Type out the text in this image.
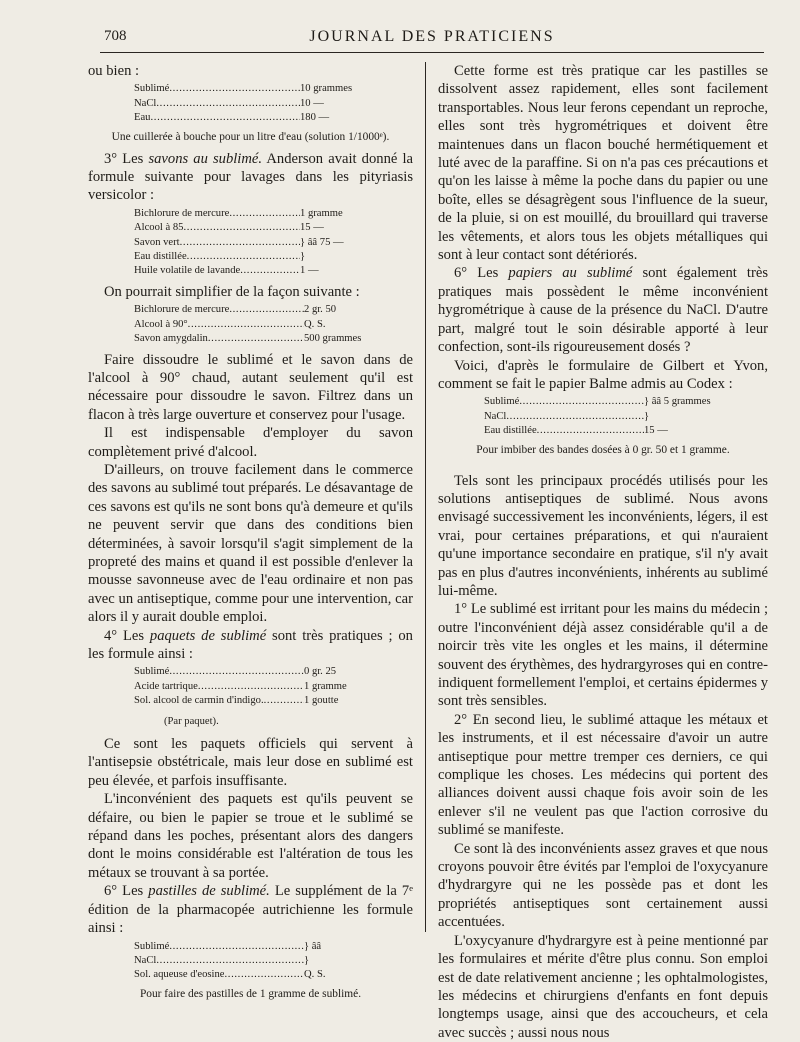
708	JOURNAL DES PRATICIENS

ou bien :

Sublimé . . .	10 grammes
NaCl . . .	10 —
Eau . . .	180 —
Une cuillerée à bouche pour un litre d'eau (solution 1/1000ᵉ).

3° Les savons au sublimé. Anderson avait donné la formule suivante pour lavages dans les pityriasis versicolor :

Bichlorure de mercure . . .	1 gramme
Alcool à 85 . . .	15 —
Savon vert . . .	} ââ 75 —
Eau distillée . . .	}
Huile volatile de lavande . . .	1 —

On pourrait simplifier de la façon suivante :

Bichlorure de mercure . . .	2 gr. 50
Alcool à 90° . . .	Q. S.
Savon amygdalin . . .	500 grammes

Faire dissoudre le sublimé et le savon dans de l'alcool à 90° chaud, autant seulement qu'il est nécessaire pour dissoudre le savon. Filtrez dans un flacon à très large ouverture et conservez pour l'usage.

Il est indispensable d'employer du savon complètement privé d'alcool.

D'ailleurs, on trouve facilement dans le commerce des savons au sublimé tout préparés. Le désavantage de ces savons est qu'ils ne sont bons qu'à demeure et qu'ils ne peuvent servir que dans des conditions bien déterminées, à savoir lorsqu'il s'agit simplement de la propreté des mains et quand il est possible d'enlever la mousse savonneuse avec de l'eau ordinaire et non pas avec un antiseptique, comme pour une intervention, car alors il y aurait double emploi.

4° Les paquets de sublimé sont très pratiques ; on les formule ainsi :

Sublimé . . .	0 gr. 25
Acide tartrique . . .	1 gramme
Sol. alcool de carmin d'indigo. . . .	1 goutte
(Par paquet).

Ce sont les paquets officiels qui servent à l'antisepsie obstétricale, mais leur dose en sublimé est peu élevée, et parfois insuffisante.

L'inconvénient des paquets est qu'ils peuvent se défaire, ou bien le papier se troue et le sublimé se répand dans les poches, présentant alors des dangers dont le moins considérable est l'altération de tous les métaux se trouvant à sa portée.

6° Les pastilles de sublimé. Le supplément de la 7ᵉ édition de la pharmacopée autrichienne les formule ainsi :

Sublimé . . .	} ââ
NaCl . . .	}
Sol. aqueuse d'eosine . . .	Q. S.
Pour faire des pastilles de 1 gramme de sublimé.

Cette forme est très pratique car les pastilles se dissolvent assez rapidement, elles sont facilement transportables. Nous leur ferons cependant un reproche, elles sont très hygrométriques et doivent être maintenues dans un flacon bouché hermétiquement et luté avec de la paraffine. Si on n'a pas ces précautions et qu'on les laisse à même la poche dans du papier ou une boîte, elles se désagrègent sous l'influence de la sueur, de la pluie, si on est mouillé, du brouillard qui traverse les vêtements, et alors tous les objets métalliques qui sont à leur contact sont détériorés.

6° Les papiers au sublimé sont également très pratiques mais possèdent le même inconvénient hygrométrique à cause de la présence du NaCl. D'autre part, malgré tout le soin désirable apporté à leur confection, sont-ils rigoureusement dosés ?

Voici, d'après le formulaire de Gilbert et Yvon, comment se fait le papier Balme admis au Codex :

Sublimé . . .	} ââ 5 grammes
NaCl . . .	}
Eau distillée . . .	15 —
Pour imbiber des bandes dosées à 0 gr. 50 et 1 gramme.

Tels sont les principaux procédés utilisés pour les solutions antiseptiques de sublimé. Nous avons envisagé successivement les inconvénients, légers, il est vrai, pour certaines préparations, et qui n'auraient qu'une importance secondaire en pratique, s'il n'y avait pas en plus d'autres inconvénients, inhérents au sublimé lui-même.

1° Le sublimé est irritant pour les mains du médecin ; outre l'inconvénient déjà assez considérable qu'il a de noircir très vite les ongles et les mains, il détermine souvent des érythèmes, des hydrargyroses qui en contre-indiquent formellement l'emploi, et certains épidermes y sont très sensibles.

2° En second lieu, le sublimé attaque les métaux et les instruments, et il est nécessaire d'avoir un autre antiseptique pour mettre tremper ces derniers, ce qui complique les choses. Les médecins qui portent des alliances doivent aussi chaque fois avoir soin de les enlever s'il ne veulent pas que l'action corrosive du sublimé se manifeste.

Ce sont là des inconvénients assez graves et que nous croyons pouvoir être évités par l'emploi de l'oxycyanure d'hydrargyre qui ne les possède pas et dont les propriétés antiseptiques sont certainement aussi accentuées.

L'oxycyanure d'hydrargyre est à peine mentionné par les formulaires et mérite d'être plus connu. Son emploi est de date relativement ancienne ; les ophtalmologistes, les médecins et chirurgiens d'enfants en font depuis longtemps usage, ainsi que des accoucheurs, et cela avec succès ; aussi nous nous
